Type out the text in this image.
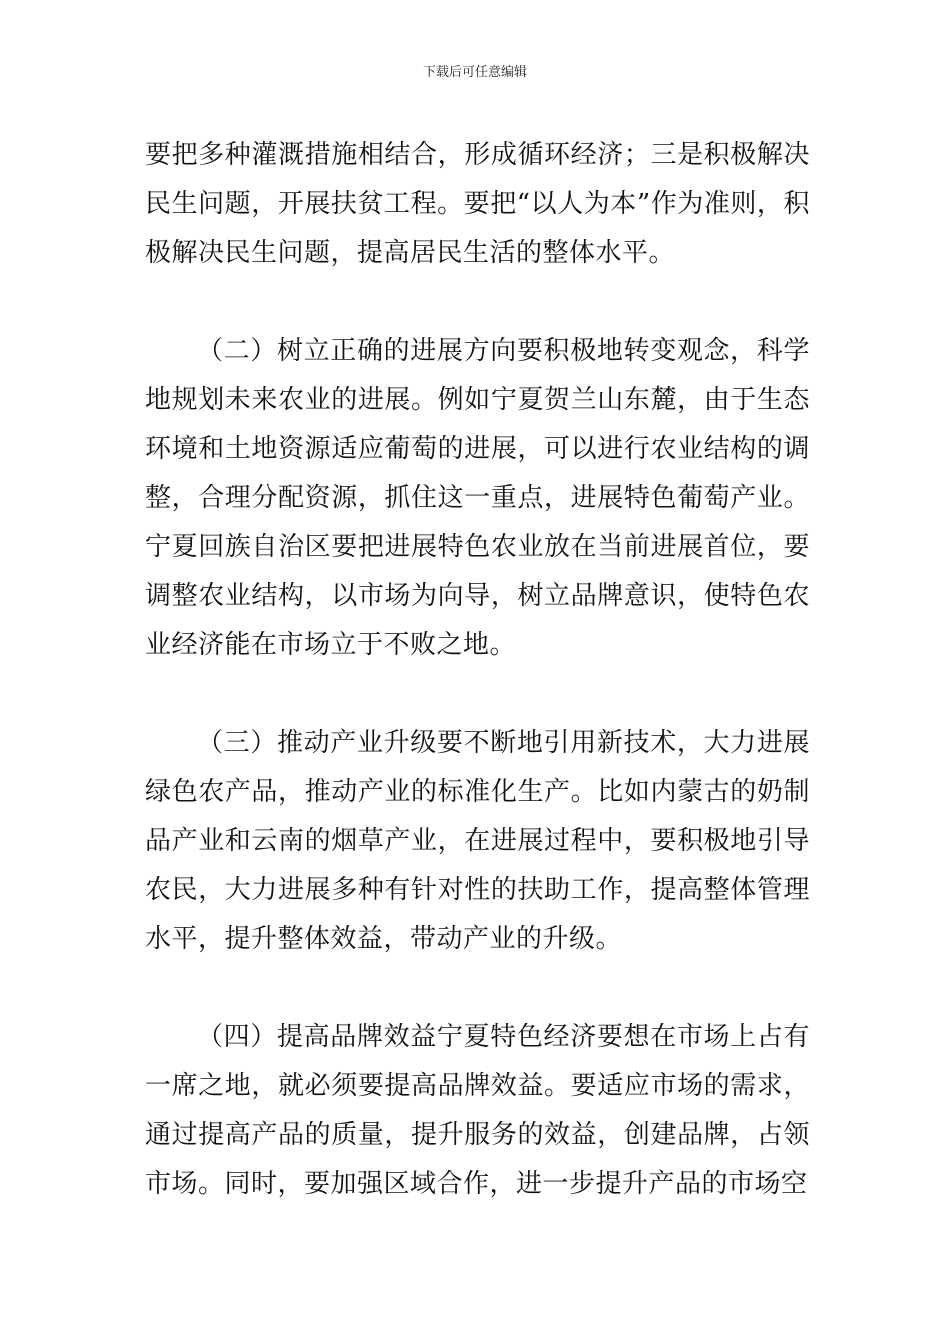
下载后可任意编辑

要把多种灌溉措施相结合，形成循环经济；三是积极解决民生问题，开展扶贫工程。要把“以人为本”作为准则，积极解决民生问题，提高居民生活的整体水平。

（二）树立正确的进展方向要积极地转变观念，科学地规划未来农业的进展。例如宁夏贺兰山东麓，由于生态环境和土地资源适应葡萄的进展，可以进行农业结构的调整，合理分配资源，抓住这一重点，进展特色葡萄产业。宁夏回族自治区要把进展特色农业放在当前进展首位，要调整农业结构，以市场为向导，树立品牌意识，使特色农业经济能在市场立于不败之地。

（三）推动产业升级要不断地引用新技术，大力进展绿色农产品，推动产业的标准化生产。比如内蒙古的奶制品产业和云南的烟草产业，在进展过程中，要积极地引导农民，大力进展多种有针对性的扶助工作，提高整体管理水平，提升整体效益，带动产业的升级。

（四）提高品牌效益宁夏特色经济要想在市场上占有一席之地，就必须要提高品牌效益。要适应市场的需求，通过提高产品的质量，提升服务的效益，创建品牌，占领市场。同时，要加强区域合作，进一步提升产品的市场空
